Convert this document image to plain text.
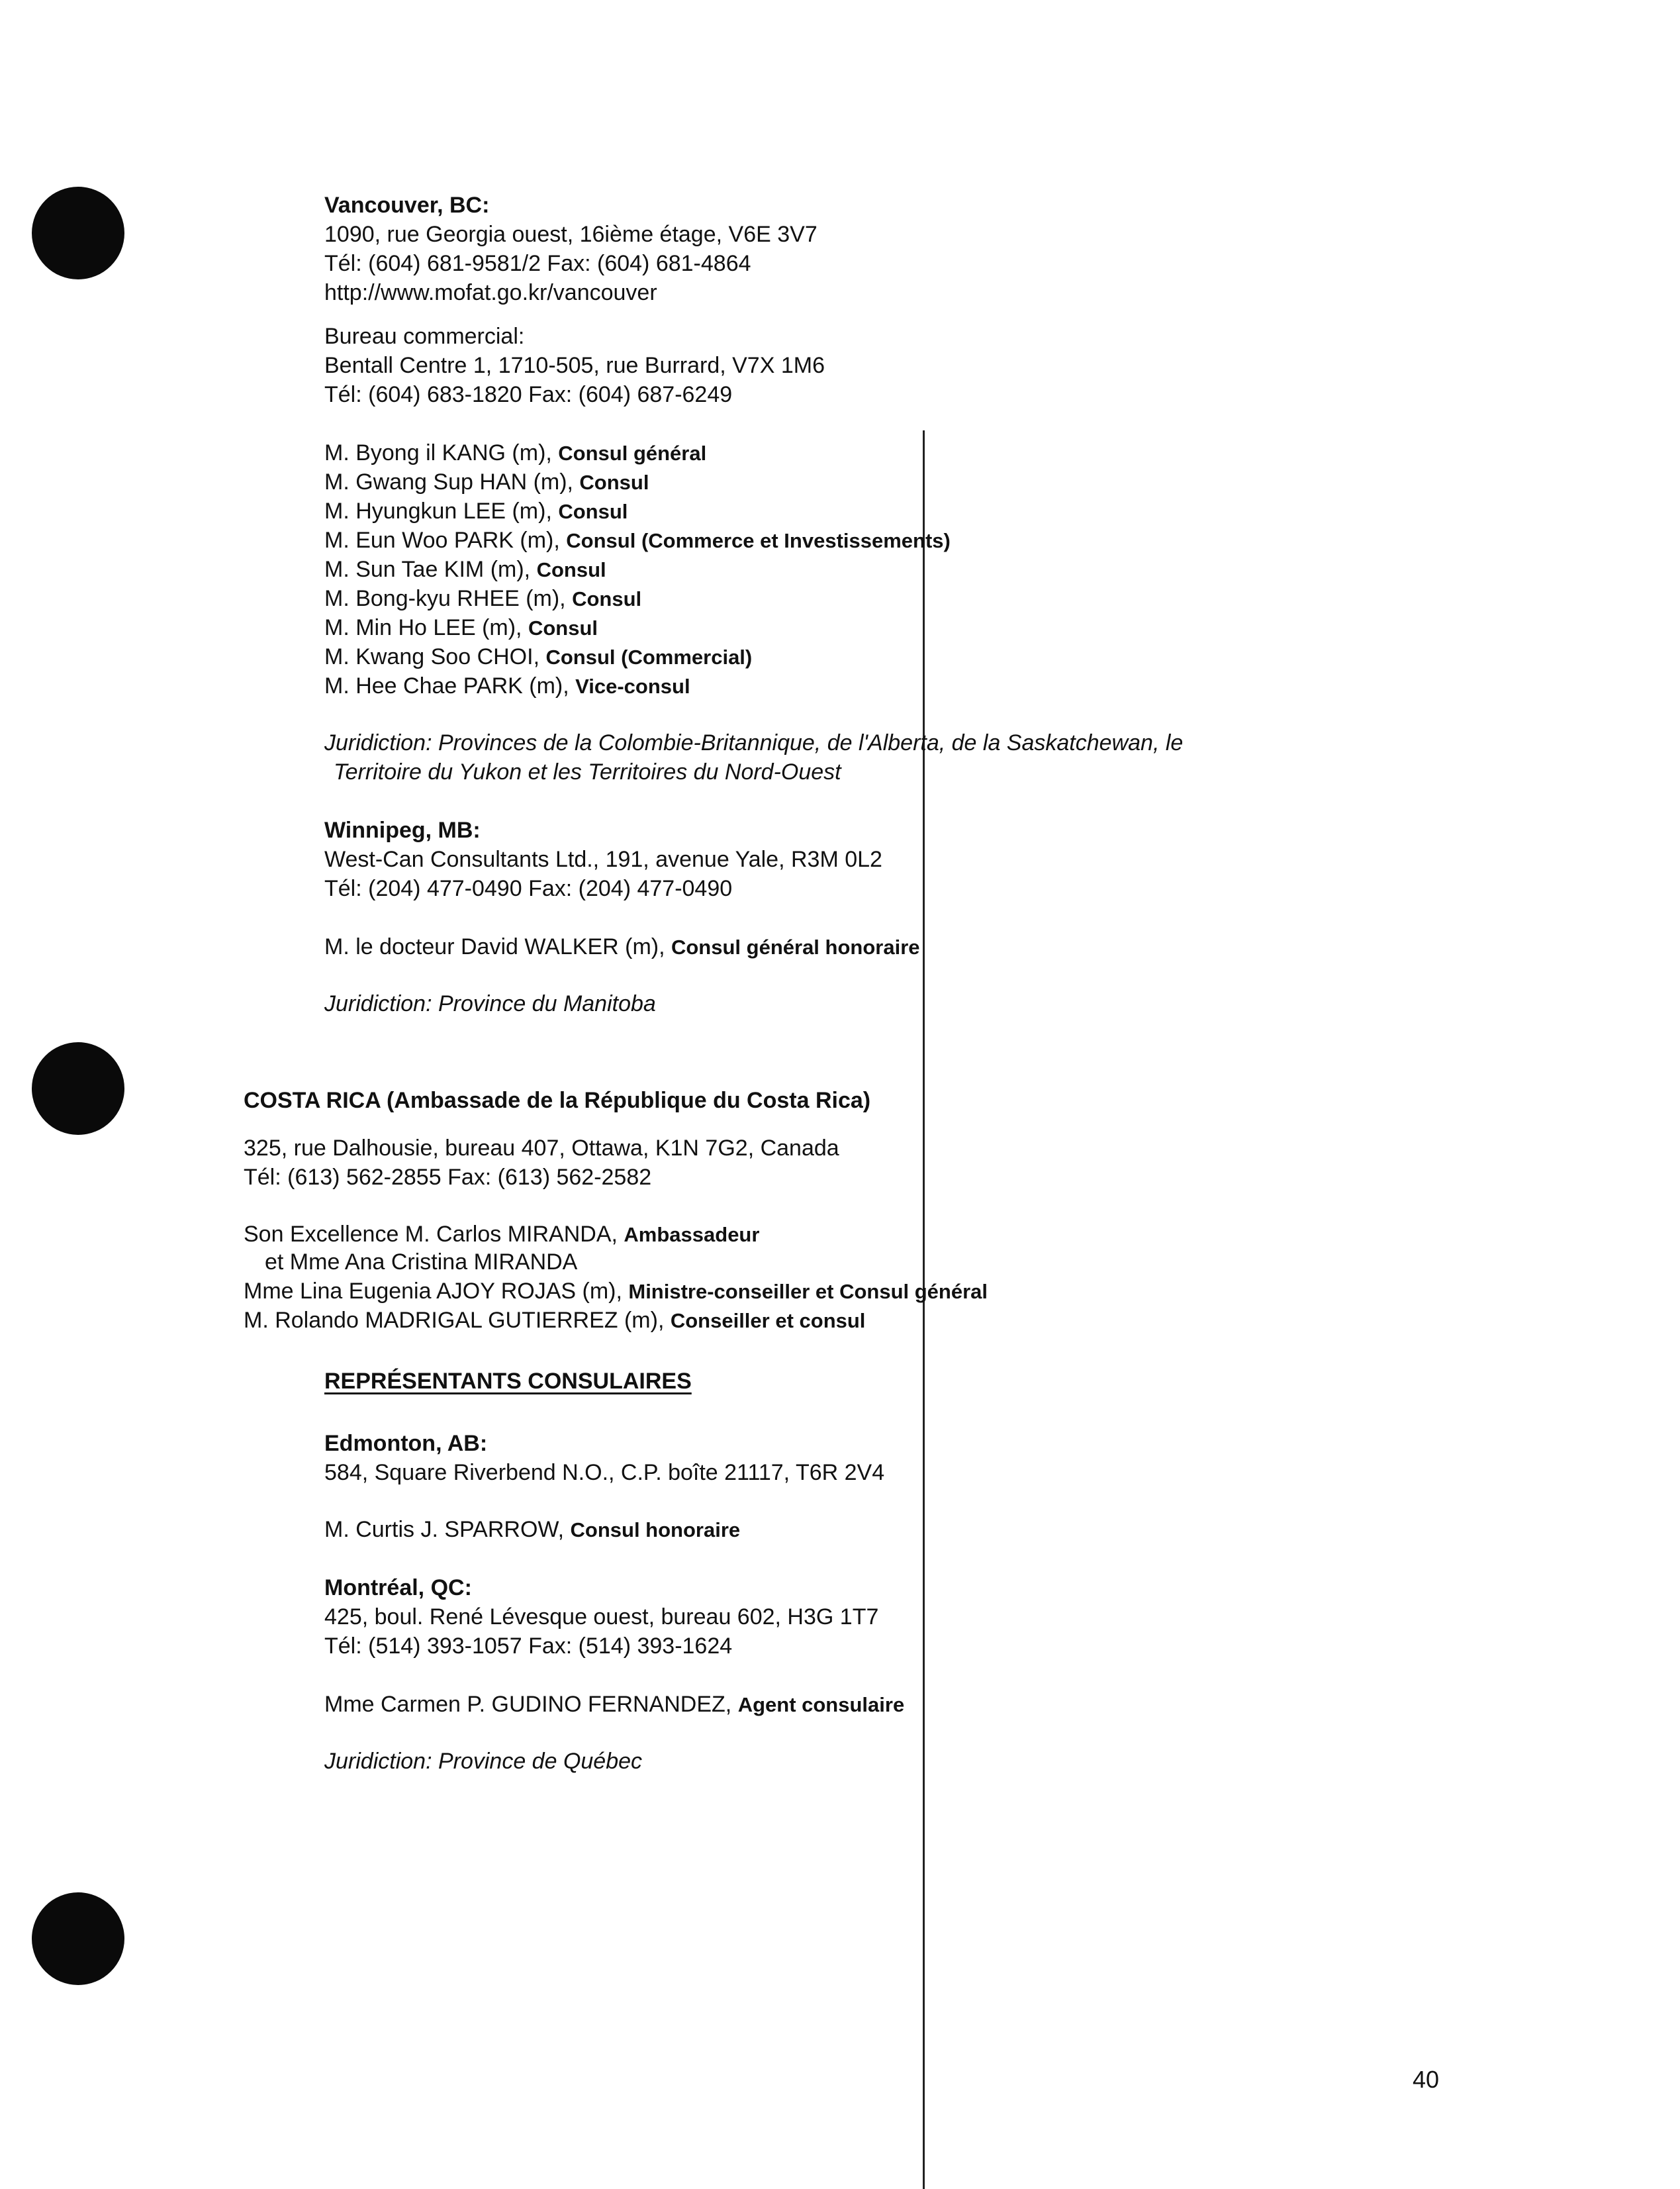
Vancouver, BC:
1090, rue Georgia ouest, 16ième étage, V6E 3V7
Tél: (604) 681-9581/2 Fax: (604) 681-4864
http://www.mofat.go.kr/vancouver
Bureau commercial:
Bentall Centre 1, 1710-505, rue Burrard, V7X 1M6
Tél: (604) 683-1820 Fax: (604) 687-6249
M. Byong il KANG (m), Consul général
M. Gwang Sup HAN (m), Consul
M. Hyungkun LEE (m), Consul
M. Eun Woo PARK (m), Consul (Commerce et Investissements)
M. Sun Tae KIM (m), Consul
M. Bong-kyu RHEE (m), Consul
M. Min Ho LEE (m), Consul
M. Kwang Soo CHOI, Consul (Commercial)
M. Hee Chae PARK (m), Vice-consul
Juridiction: Provinces de la Colombie-Britannique, de l'Alberta, de la Saskatchewan, le
Territoire du Yukon et les Territoires du Nord-Ouest
Winnipeg, MB:
West-Can Consultants Ltd., 191, avenue Yale, R3M 0L2
Tél: (204) 477-0490 Fax: (204) 477-0490
M. le docteur David WALKER (m), Consul général honoraire
Juridiction: Province du Manitoba
COSTA RICA (Ambassade de la République du Costa Rica)
325, rue Dalhousie, bureau 407, Ottawa, K1N 7G2, Canada
Tél: (613) 562-2855 Fax: (613) 562-2582
Son Excellence M. Carlos MIRANDA, Ambassadeur
et Mme Ana Cristina MIRANDA
Mme Lina Eugenia AJOY ROJAS (m), Ministre-conseiller et Consul général
M. Rolando MADRIGAL GUTIERREZ (m), Conseiller et consul
REPRÉSENTANTS CONSULAIRES
Edmonton, AB:
584, Square Riverbend N.O., C.P. boîte 21117, T6R 2V4
M. Curtis J. SPARROW, Consul honoraire
Montréal, QC:
425, boul. René Lévesque ouest, bureau 602, H3G 1T7
Tél: (514) 393-1057 Fax: (514) 393-1624
Mme Carmen P. GUDINO FERNANDEZ, Agent consulaire
Juridiction: Province de Québec
40
